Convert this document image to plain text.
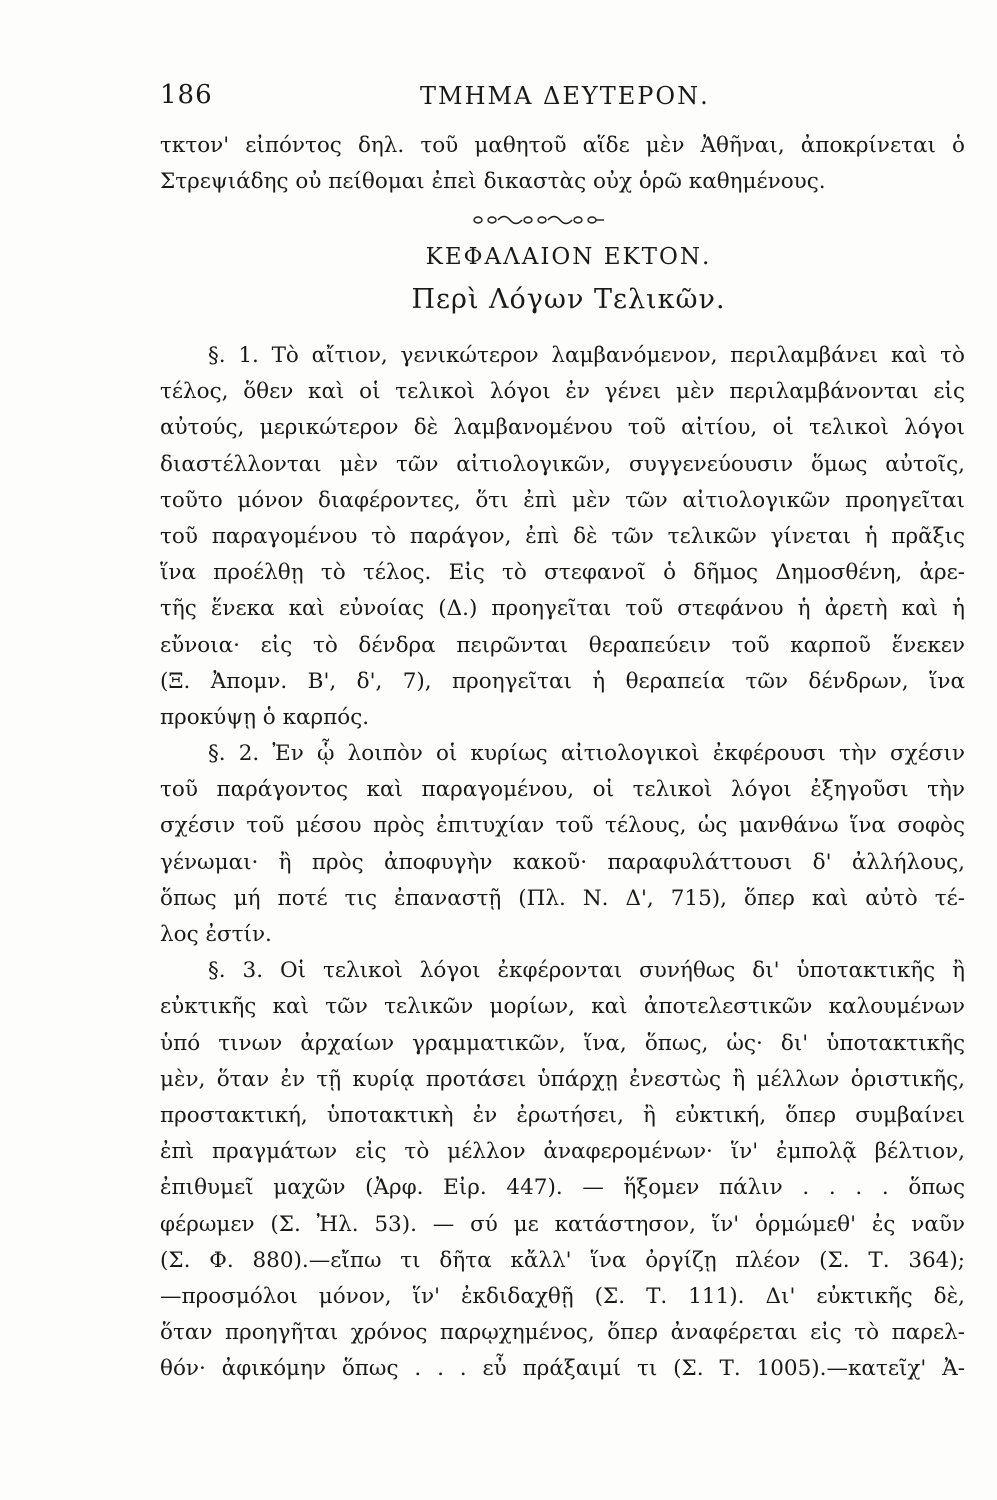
186	ΤΜΗΜΑ ΔΕΥΤΕΡΟΝ.
τκτον' εἰπόντος δηλ. τοῦ μαθητοῦ αἵδε μὲν Ἀθῆναι, ἀποκρίνεται ὁ
Στρεψιάδης οὐ πείθομαι ἐπεὶ δικαστὰς οὐχ ὁρῶ καθημένους.
ΚΕΦΑΛΑΙΟΝ ΕΚΤΟΝ.
Περὶ Λόγων Τελικῶν.
§. 1. Τὸ αἴτιον, γενικώτερον λαμβανόμενον, περιλαμβάνει καὶ τὸ
τέλος, ὅθεν καὶ οἱ τελικοὶ λόγοι ἐν γένει μὲν περιλαμβάνονται εἰς
αὐτούς, μερικώτερον δὲ λαμβανομένου τοῦ αἰτίου, οἱ τελικοὶ λόγοι
διαστέλλονται μὲν τῶν αἰτιολογικῶν, συγγενεύουσιν ὅμως αὐτοῖς,
τοῦτο μόνον διαφέροντες, ὅτι ἐπὶ μὲν τῶν αἰτιολογικῶν προηγεῖται
τοῦ παραγομένου τὸ παράγον, ἐπὶ δὲ τῶν τελικῶν γίνεται ἡ πρᾶξις
ἵνα προέλθῃ τὸ τέλος. Εἰς τὸ στεφανοῖ ὁ δῆμος Δημοσθένη, ἀρε-
τῆς ἕνεκα καὶ εὐνοίας (Δ.) προηγεῖται τοῦ στεφάνου ἡ ἀρετὴ καὶ ἡ
εὔνοια· εἰς τὸ δένδρα πειρῶνται θεραπεύειν τοῦ καρποῦ ἕνεκεν
(Ξ. Ἀπομν. Β', δ', 7), προηγεῖται ἡ θεραπεία τῶν δένδρων, ἵνα
προκύψῃ ὁ καρπός.
§. 2. Ἐν ᾧ λοιπὸν οἱ κυρίως αἰτιολογικοὶ ἐκφέρουσι τὴν σχέσιν
τοῦ παράγοντος καὶ παραγομένου, οἱ τελικοὶ λόγοι ἐξηγοῦσι τὴν
σχέσιν τοῦ μέσου πρὸς ἐπιτυχίαν τοῦ τέλους, ὡς μανθάνω ἵνα σοφὸς
γένωμαι· ἢ πρὸς ἀποφυγὴν κακοῦ· παραφυλάττουσι δ' ἀλλήλους,
ὅπως μή ποτέ τις ἐπαναστῇ (Πλ. Ν. Δ', 715), ὅπερ καὶ αὐτὸ τέ-
λος ἐστίν.
§. 3. Οἱ τελικοὶ λόγοι ἐκφέρονται συνήθως δι' ὑποτακτικῆς ἢ
εὐκτικῆς καὶ τῶν τελικῶν μορίων, καὶ ἀποτελεστικῶν καλουμένων
ὑπό τινων ἀρχαίων γραμματικῶν, ἵνα, ὅπως, ὡς· δι' ὑποτακτικῆς
μὲν, ὅταν ἐν τῇ κυρίᾳ προτάσει ὑπάρχῃ ἐνεστὼς ἢ μέλλων ὁριστικῆς,
προστακτική, ὑποτακτικὴ ἐν ἐρωτήσει, ἢ εὐκτική, ὅπερ συμβαίνει
ἐπὶ πραγμάτων εἰς τὸ μέλλον ἀναφερομένων· ἵν' ἐμπολᾷ βέλτιον,
ἐπιθυμεῖ μαχῶν (Ἀρφ. Εἰρ. 447). — ἥξομεν πάλιν . . . . ὅπως
φέρωμεν (Σ. Ἠλ. 53). — σύ με κατάστησον, ἵν' ὁρμώμεθ' ἐς ναῦν
(Σ. Φ. 880).—εἴπω τι δῆτα κἄλλ' ἵνα ὀργίζῃ πλέον (Σ. Τ. 364);
—προσμόλοι μόνον, ἵν' ἐκδιδαχθῇ (Σ. Τ. 111). Δι' εὐκτικῆς δὲ,
ὅταν προηγῆται χρόνος παρῳχημένος, ὅπερ ἀναφέρεται εἰς τὸ παρελ-
θόν· ἀφικόμην ὅπως . . . εὖ πράξαιμί τι (Σ. Τ. 1005).—κατεῖχ' Ἀ-
